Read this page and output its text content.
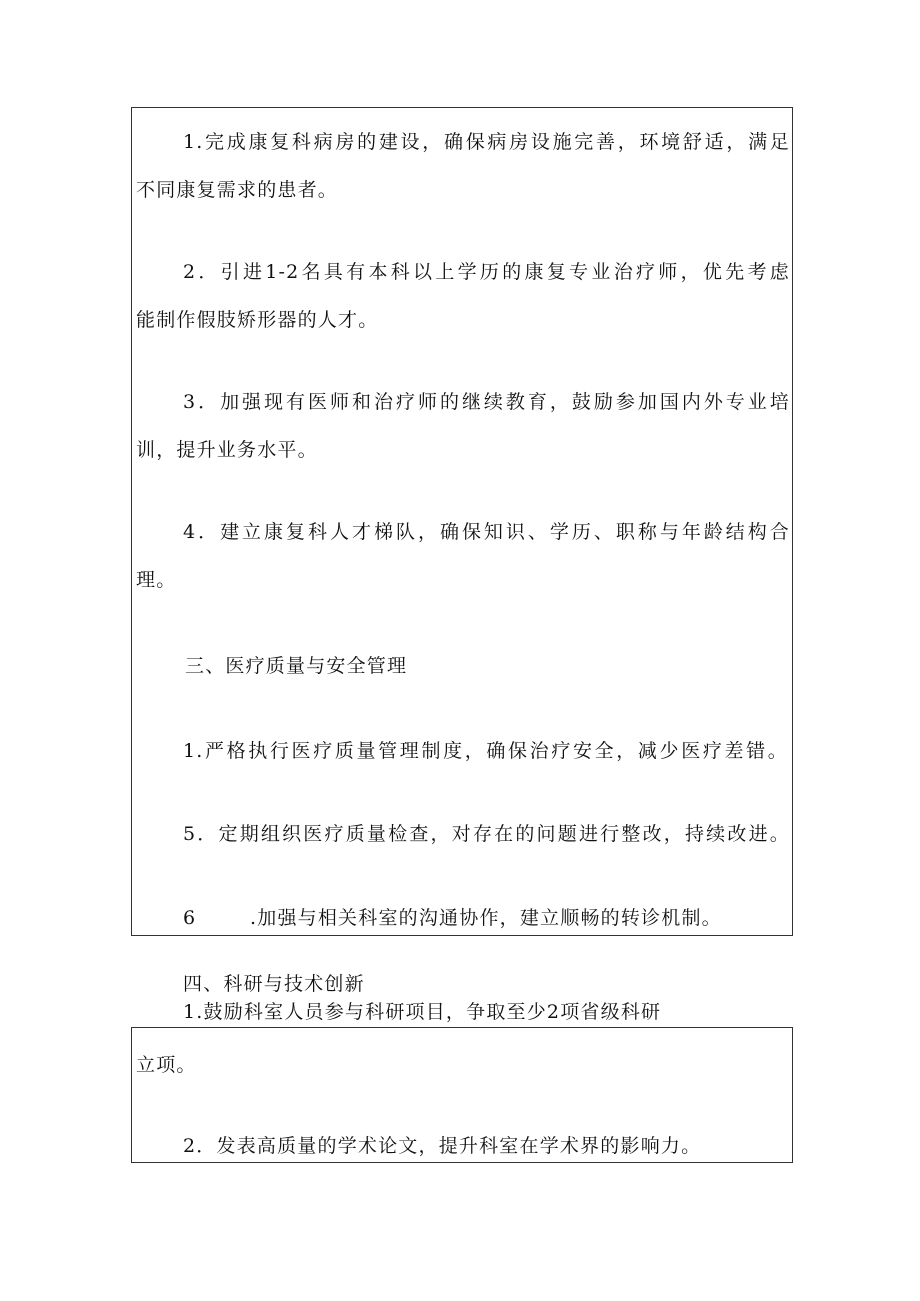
1.完成康复科病房的建设，确保病房设施完善，环境舒适，满足
不同康复需求的患者。
2．引进1-2名具有本科以上学历的康复专业治疗师，优先考虑
能制作假肢矫形器的人才。
3．加强现有医师和治疗师的继续教育，鼓励参加国内外专业培
训，提升业务水平。
4．建立康复科人才梯队，确保知识、学历、职称与年龄结构合
理。
三、医疗质量与安全管理
1.严格执行医疗质量管理制度，确保治疗安全，减少医疗差错。
5．定期组织医疗质量检查，对存在的问题进行整改，持续改进。
6	.加强与相关科室的沟通协作，建立顺畅的转诊机制。
四、科研与技术创新
1.鼓励科室人员参与科研项目，争取至少2项省级科研
立项。
2．发表高质量的学术论文，提升科室在学术界的影响力。
